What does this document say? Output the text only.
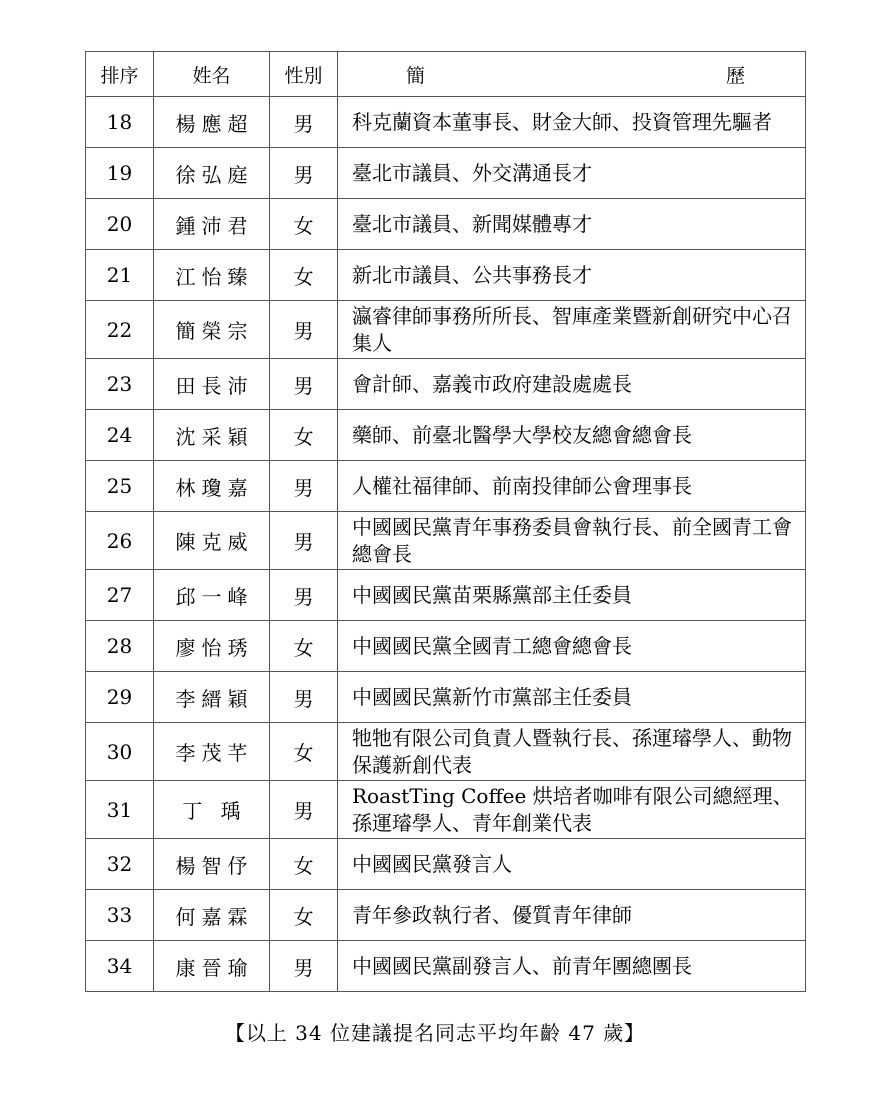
排序	姓名	性別	簡 歷

18	楊應超	男	科克蘭資本董事長、財金大師、投資管理先驅者
19	徐弘庭	男	臺北市議員、外交溝通長才
20	鍾沛君	女	臺北市議員、新聞媒體專才
21	江怡臻	女	新北市議員、公共事務長才
22	簡榮宗	男	瀛睿律師事務所所長、智庫產業暨新創研究中心召集人
23	田長沛	男	會計師、嘉義市政府建設處處長
24	沈采穎	女	藥師、前臺北醫學大學校友總會總會長
25	林瓊嘉	男	人權社福律師、前南投律師公會理事長
26	陳克威	男	中國國民黨青年事務委員會執行長、前全國青工會總會長
27	邱一峰	男	中國國民黨苗栗縣黨部主任委員
28	廖怡琇	女	中國國民黨全國青工總會總會長
29	李縉穎	男	中國國民黨新竹市黨部主任委員
30	李茂芊	女	牠牠有限公司負責人暨執行長、孫運璿學人、動物保護新創代表
31	丁 瑀	男	RoastTing Coffee 烘培者咖啡有限公司總經理、孫運璿學人、青年創業代表
32	楊智伃	女	中國國民黨發言人
33	何嘉霖	女	青年參政執行者、優質青年律師
34	康晉瑜	男	中國國民黨副發言人、前青年團總團長
【以上 34 位建議提名同志平均年齡 47 歲】
